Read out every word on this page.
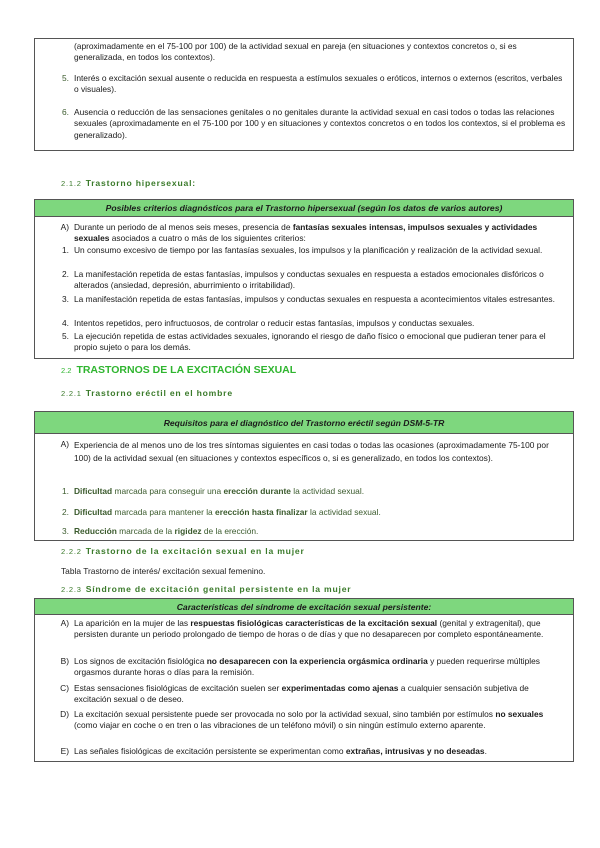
(aproximadamente en el 75-100 por 100) de la actividad sexual en pareja (en situaciones y contextos concretos o, si es generalizada, en todos los contextos).
5. Interés o excitación sexual ausente o reducida en respuesta a estímulos sexuales o eróticos, internos o externos (escritos, verbales o visuales).
6. Ausencia o reducción de las sensaciones genitales o no genitales durante la actividad sexual en casi todos o todas las relaciones sexuales (aproximadamente en el 75-100 por 100 y en situaciones y contextos concretos o en todos los contextos, si el problema es generalizado).
2.1.2 Trastorno hipersexual:
Posibles criterios diagnósticos para el Trastorno hipersexual (según los datos de varios autores)
A) Durante un periodo de al menos seis meses, presencia de fantasías sexuales intensas, impulsos sexuales y actividades sexuales asociados a cuatro o más de los siguientes criterios:
1. Un consumo excesivo de tiempo por las fantasías sexuales, los impulsos y la planificación y realización de la actividad sexual.
2. La manifestación repetida de estas fantasías, impulsos y conductas sexuales en respuesta a estados emocionales disfóricos o alterados (ansiedad, depresión, aburrimiento o irritabilidad).
3. La manifestación repetida de estas fantasías, impulsos y conductas sexuales en respuesta a acontecimientos vitales estresantes.
4. Intentos repetidos, pero infructuosos, de controlar o reducir estas fantasías, impulsos y conductas sexuales.
5. La ejecución repetida de estas actividades sexuales, ignorando el riesgo de daño físico o emocional que pudieran tener para el propio sujeto o para los demás.
2.2 TRASTORNOS DE LA EXCITACIÓN SEXUAL
2.2.1 Trastorno eréctil en el hombre
Requisitos para el diagnóstico del Trastorno eréctil según DSM-5-TR
A) Experiencia de al menos uno de los tres síntomas siguientes en casi todas o todas las ocasiones (aproximadamente 75-100 por 100) de la actividad sexual (en situaciones y contextos específicos o, si es generalizado, en todos los contextos).
1. Dificultad marcada para conseguir una erección durante la actividad sexual.
2. Dificultad marcada para mantener la erección hasta finalizar la actividad sexual.
3. Reducción marcada de la rigidez de la erección.
2.2.2 Trastorno de la excitación sexual en la mujer
Tabla Trastorno de interés/ excitación sexual femenino.
2.2.3 Síndrome de excitación genital persistente en la mujer
Características del síndrome de excitación sexual persistente:
A) La aparición en la mujer de las respuestas fisiológicas características de la excitación sexual (genital y extragenital), que persisten durante un periodo prolongado de tiempo de horas o de días y que no desaparecen por completo espontáneamente.
B) Los signos de excitación fisiológica no desaparecen con la experiencia orgásmica ordinaria y pueden requerirse múltiples orgasmos durante horas o días para la remisión.
C) Estas sensaciones fisiológicas de excitación suelen ser experimentadas como ajenas a cualquier sensación subjetiva de excitación sexual o de deseo.
D) La excitación sexual persistente puede ser provocada no solo por la actividad sexual, sino también por estímulos no sexuales (como viajar en coche o en tren o las vibraciones de un teléfono móvil) o sin ningún estímulo externo aparente.
E) Las señales fisiológicas de excitación persistente se experimentan como extrañas, intrusivas y no deseadas.
